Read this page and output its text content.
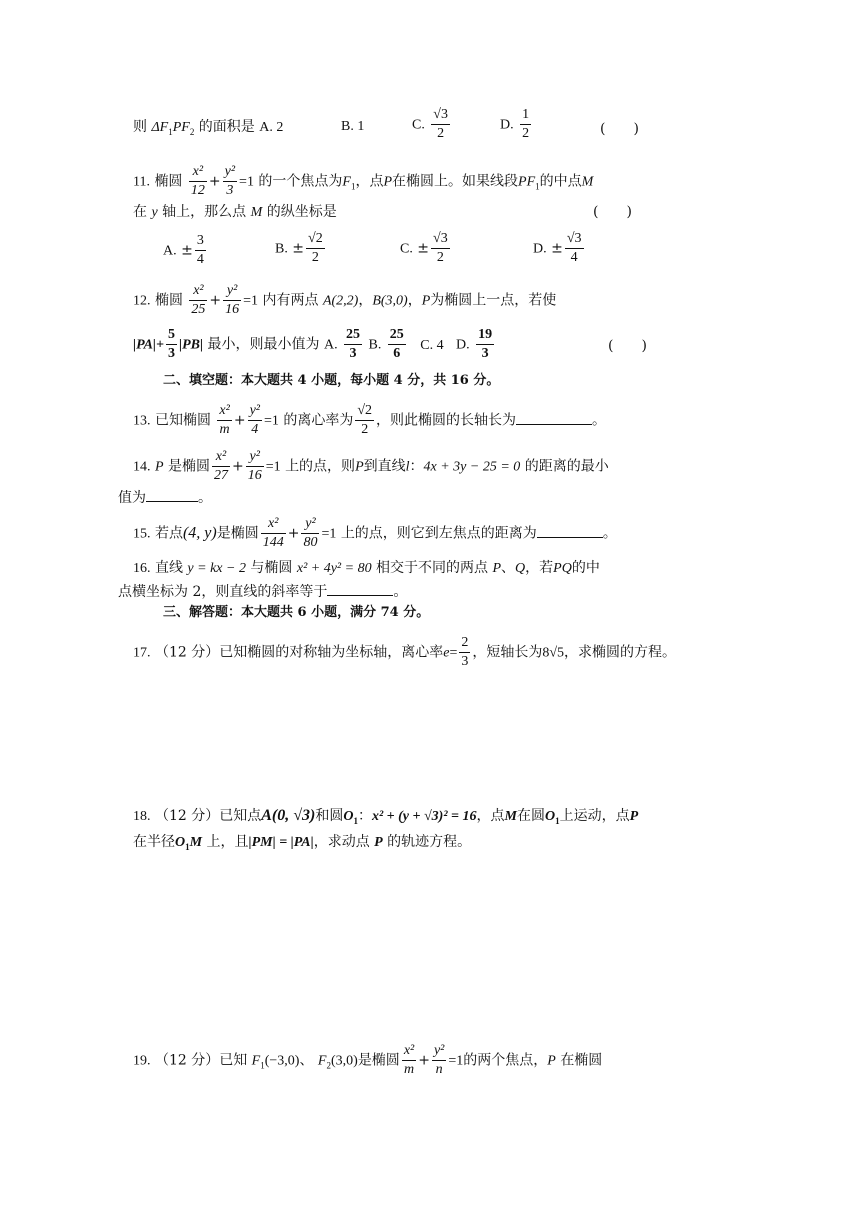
则 $\Delta F_1PF_2$ 的面积是 A. 2	B. 1	C. $\frac{√3}{2}$	D. $\frac{1}{2}$	(　　)
11. 椭圆 $\frac{\text{x²}}{12} + \frac{\text{y²}}{3} =1$ 的一个焦点为$F_1$，点P在椭圆上。如果线段$PF_1$的中点M
在 y 轴上，那么点 M 的纵坐标是	(　　)
A. ± $\frac{3}{4}$	B. ± $\frac{√2}{2}$	C. ± $\frac{√3}{2}$	D. ± $\frac{√3}{4}$
12. 椭圆 $\frac{\text{x²}}{25} + \frac{\text{y²}}{16} =1$ 内有两点 A(2,2)，B(3,0)，P为椭圆上一点，若使
$|PA|+ \frac{5}{3} |PB|$ 最小，则最小值为 A. $\frac{25}{3} B$. $\frac{25}{6} C$. 4 D. $\frac{19}{3}$	(　　)
二、填空题：本大题共 4 小题，每小题 4 分，共 16 分。
13. 已知椭圆 $\frac{\text{x²}}{m} + \frac{\text{y²}}{4} =1$ 的离心率为 $\frac{√2}{2}$ ，则此椭圆的长轴长为	。
14. P 是椭圆 $\frac{\text{x²}}{27} + \frac{\text{y²}}{16} =1$ 上的点，则P到直线l：4x + 3y − 25 = 0 的距离的最小
值为	。
15. 若点(4, y)是椭圆 $\frac{\text{x²}}{144} + \frac{\text{y²}}{80} =1$ 上的点，则它到左焦点的距离为	。
16. 直线 y = kx − 2 与椭圆 x² + 4y² = 80 相交于不同的两点 P、Q，若PQ的中
点横坐标为 2，则直线的斜率等于	。
三、解答题：本大题共 6 小题，满分 74 分。
17. （12 分）已知椭圆的对称轴为坐标轴，离心率$e= \frac{2}{3}$ ，短轴长为8√5，求椭圆的方程。
18. （12 分）已知点A(0, √3)和圆$O_1$：x² + (y + √3)² = 16，点M在圆$O_1$上运动，点P
在半径$O_1M$ 上，且|PM| = |PA|，求动点 P 的轨迹方程。
19. （12 分）已知 $F_1(-3,0)$、 $F_2(3,0)$是椭圆 $\frac{\text{x²}}{m} + \frac{\text{y²}}{n} =1$的两个焦点，P 在椭圆
